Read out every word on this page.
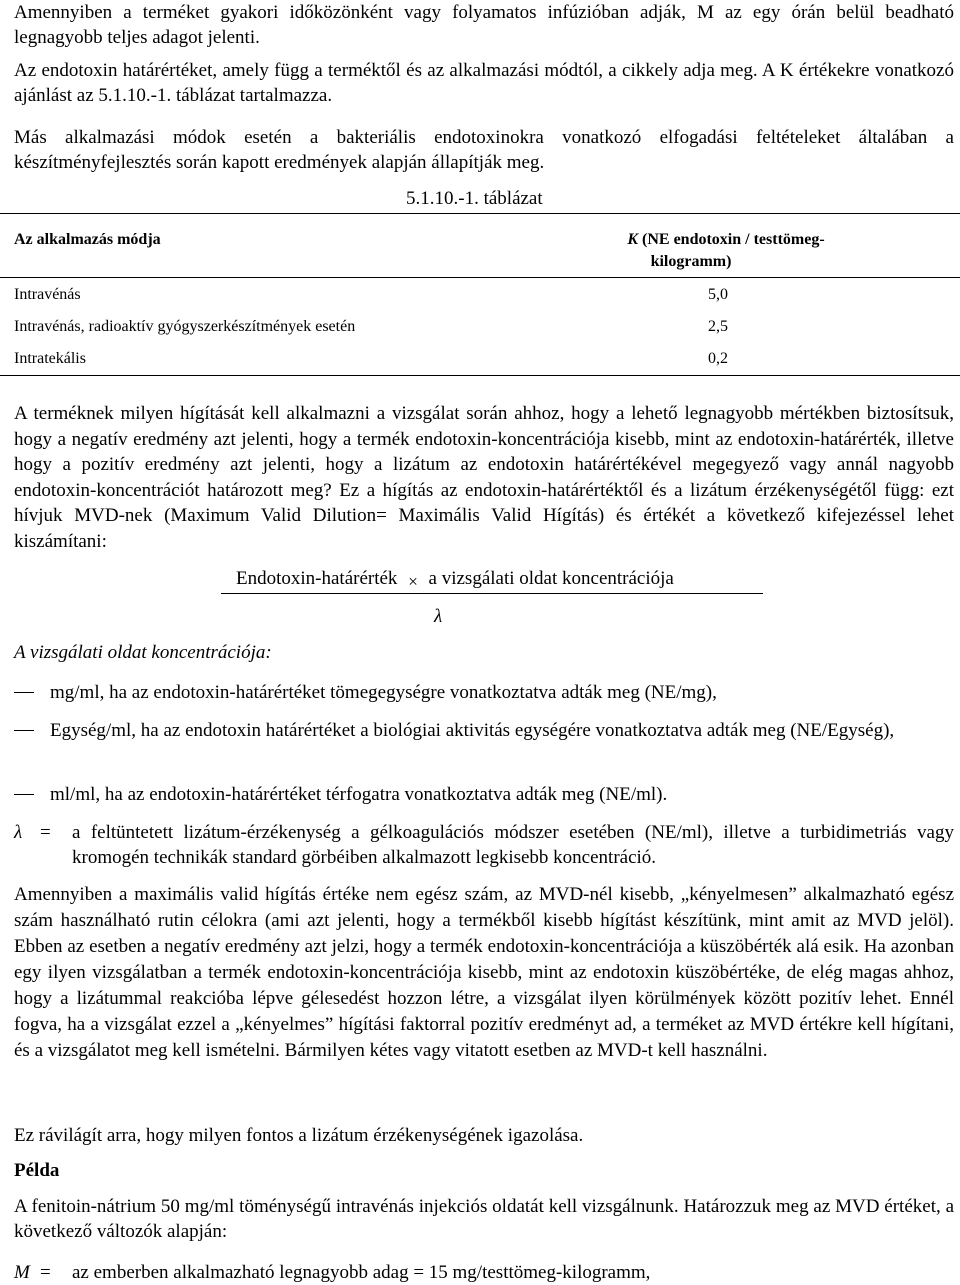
Amennyiben a terméket gyakori időközönként vagy folyamatos infúzióban adják, M az egy órán belül beadható legnagyobb teljes adagot jelenti.

Az endotoxin határértéket, amely függ a terméktől és az alkalmazási módtól, a cikkely adja meg. A K értékekre vonatkozó ajánlást az 5.1.10.-1. táblázat tartalmazza.

Más alkalmazási módok esetén a bakteriális endotoxinokra vonatkozó elfogadási feltételeket általában a készítményfejlesztés során kapott eredmények alapján állapítják meg.

5.1.10.-1. táblázat
Az alkalmazás módja	K (NE endotoxin / testtömeg-
kilogramm)
Intravénás	5,0
Intravénás, radioaktív gyógyszerkészítmények esetén	2,5
Intratekális	0,2

A terméknek milyen hígítását kell alkalmazni a vizsgálat során ahhoz, hogy a lehető legnagyobb mértékben biztosítsuk, hogy a negatív eredmény azt jelenti, hogy a termék endotoxin-koncentrációja kisebb, mint az endotoxin-határérték, illetve hogy a pozitív eredmény azt jelenti, hogy a lizátum az endotoxin határértékével megegyező vagy annál nagyobb endotoxin-koncentrációt határozott meg? Ez a hígítás az endotoxin-határértéktől és a lizátum érzékenységétől függ: ezt hívjuk MVD-nek (Maximum Valid Dilution= Maximális Valid Hígítás) és értékét a következő kifejezéssel lehet kiszámítani:

Endotoxin-határérték × a vizsgálati oldat koncentrációja
λ
A vizsgálati oldat koncentrációja:
mg/ml, ha az endotoxin-határértéket tömegegységre vonatkoztatva adták meg (NE/mg),
Egység/ml, ha az endotoxin határértéket a biológiai aktivitás egységére vonatkoztatva adták meg (NE/Egység),
ml/ml, ha az endotoxin-határértéket térfogatra vonatkoztatva adták meg (NE/ml).
λ = a feltüntetett lizátum-érzékenység a gélkoagulációs módszer esetében (NE/ml), illetve a turbidimetriás vagy kromogén technikák standard görbéiben alkalmazott legkisebb koncentráció.

Amennyiben a maximális valid hígítás értéke nem egész szám, az MVD-nél kisebb, „kényelmesen” alkalmazható egész szám használható rutin célokra (ami azt jelenti, hogy a termékből kisebb hígítást készítünk, mint amit az MVD jelöl). Ebben az esetben a negatív eredmény azt jelzi, hogy a termék endotoxin-koncentrációja a küszöbérték alá esik. Ha azonban egy ilyen vizsgálatban a termék endotoxin-koncentrációja kisebb, mint az endotoxin küszöbértéke, de elég magas ahhoz, hogy a lizátummal reakcióba lépve gélesedést hozzon létre, a vizsgálat ilyen körülmények között pozitív lehet. Ennél fogva, ha a vizsgálat ezzel a „kényelmes” hígítási faktorral pozitív eredményt ad, a terméket az MVD értékre kell hígítani, és a vizsgálatot meg kell ismételni. Bármilyen kétes vagy vitatott esetben az MVD-t kell használni.

Ez rávilágít arra, hogy milyen fontos a lizátum érzékenységének igazolása.

Példa

A fenitoin-nátrium 50 mg/ml töménységű intravénás injekciós oldatát kell vizsgálnunk. Határozzuk meg az MVD értéket, a következő változók alapján:

M = az emberben alkalmazható legnagyobb adag = 15 mg/testtömeg-kilogramm,
